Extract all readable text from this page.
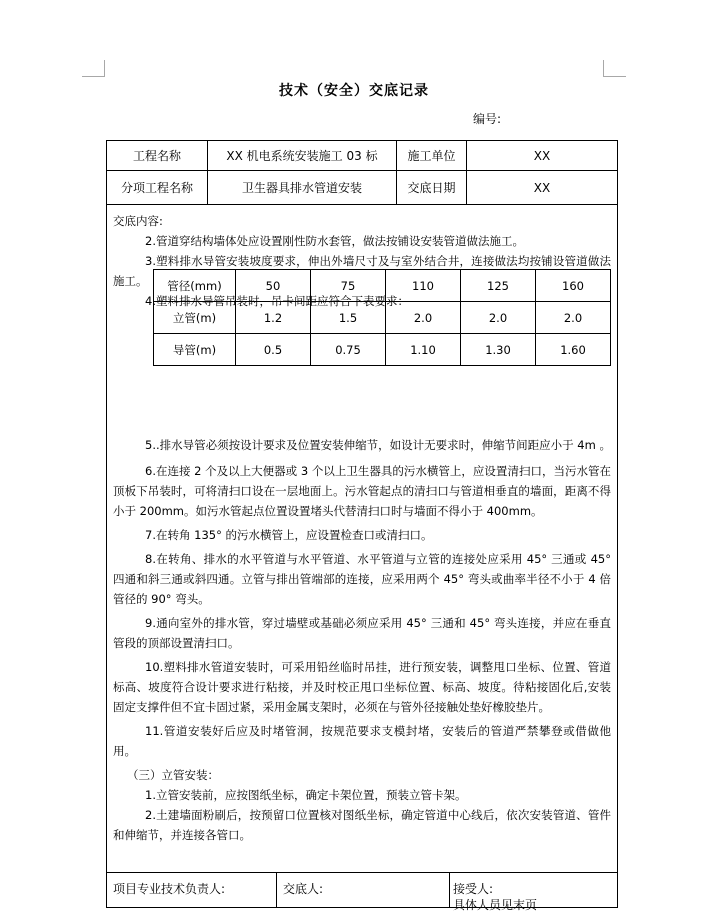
技术（安全）交底记录
编号:
工程名称	XX 机电系统安装施工 03 标	施工单位	XX
分项工程名称	卫生器具排水管道安装	交底日期	XX

交底内容:

2.管道穿结构墙体处应设置刚性防水套管，做法按铺设安装管道做法施工。

3.塑料排水导管安装坡度要求，伸出外墙尺寸及与室外结合井，连接做法均按铺设管道做法施工。

4.塑料排水导管吊装时，吊卡间距应符合下表要求：

5..排水导管必须按设计要求及位置安装伸缩节，如设计无要求时，伸缩节间距应小于 4m 。

6.在连接 2 个及以上大便器或 3 个以上卫生器具的污水横管上，应设置清扫口，当污水管在顶板下吊装时，可将清扫口设在一层地面上。污水管起点的清扫口与管道相垂直的墙面，距离不得小于 200mm。如污水管起点位置设置堵头代替清扫口时与墙面不得小于 400mm。

7.在转角 135° 的污水横管上，应设置检查口或清扫口。

8.在转角、排水的水平管道与水平管道、水平管道与立管的连接处应采用 45° 三通或 45° 四通和斜三通或斜四通。立管与排出管端部的连接，应采用两个 45° 弯头或曲率半径不小于 4 倍管径的 90° 弯头。

9.通向室外的排水管，穿过墙壁或基础必须应采用 45° 三通和 45° 弯头连接，并应在垂直管段的顶部设置清扫口。

10.塑料排水管道安装时，可采用铅丝临时吊挂，进行预安装，调整甩口坐标、位置、管道标高、坡度符合设计要求进行粘接，并及时校正甩口坐标位置、标高、坡度。待粘接固化后,安装固定支撑件但不宜卡固过紧，采用金属支架时，必须在与管外径接触处垫好橡胶垫片。

11.管道安装好后应及时堵管洞，按规范要求支模封堵，安装后的管道严禁攀登或借做他用。

（三）立管安装：

1.立管安装前，应按图纸坐标，确定卡架位置，预装立管卡架。

2.土建墙面粉刷后，按预留口位置核对图纸坐标，确定管道中心线后，依次安装管道、管件和伸缩节，并连接各管口。

管径(mm)	50	75	110	125	160
立管(m)	1.2	1.5	2.0	2.0	2.0
导管(m)	0.5	0.75	1.10	1.30	1.60
项目专业技术负责人:	交底人:	接受人:
具体人员见末页
